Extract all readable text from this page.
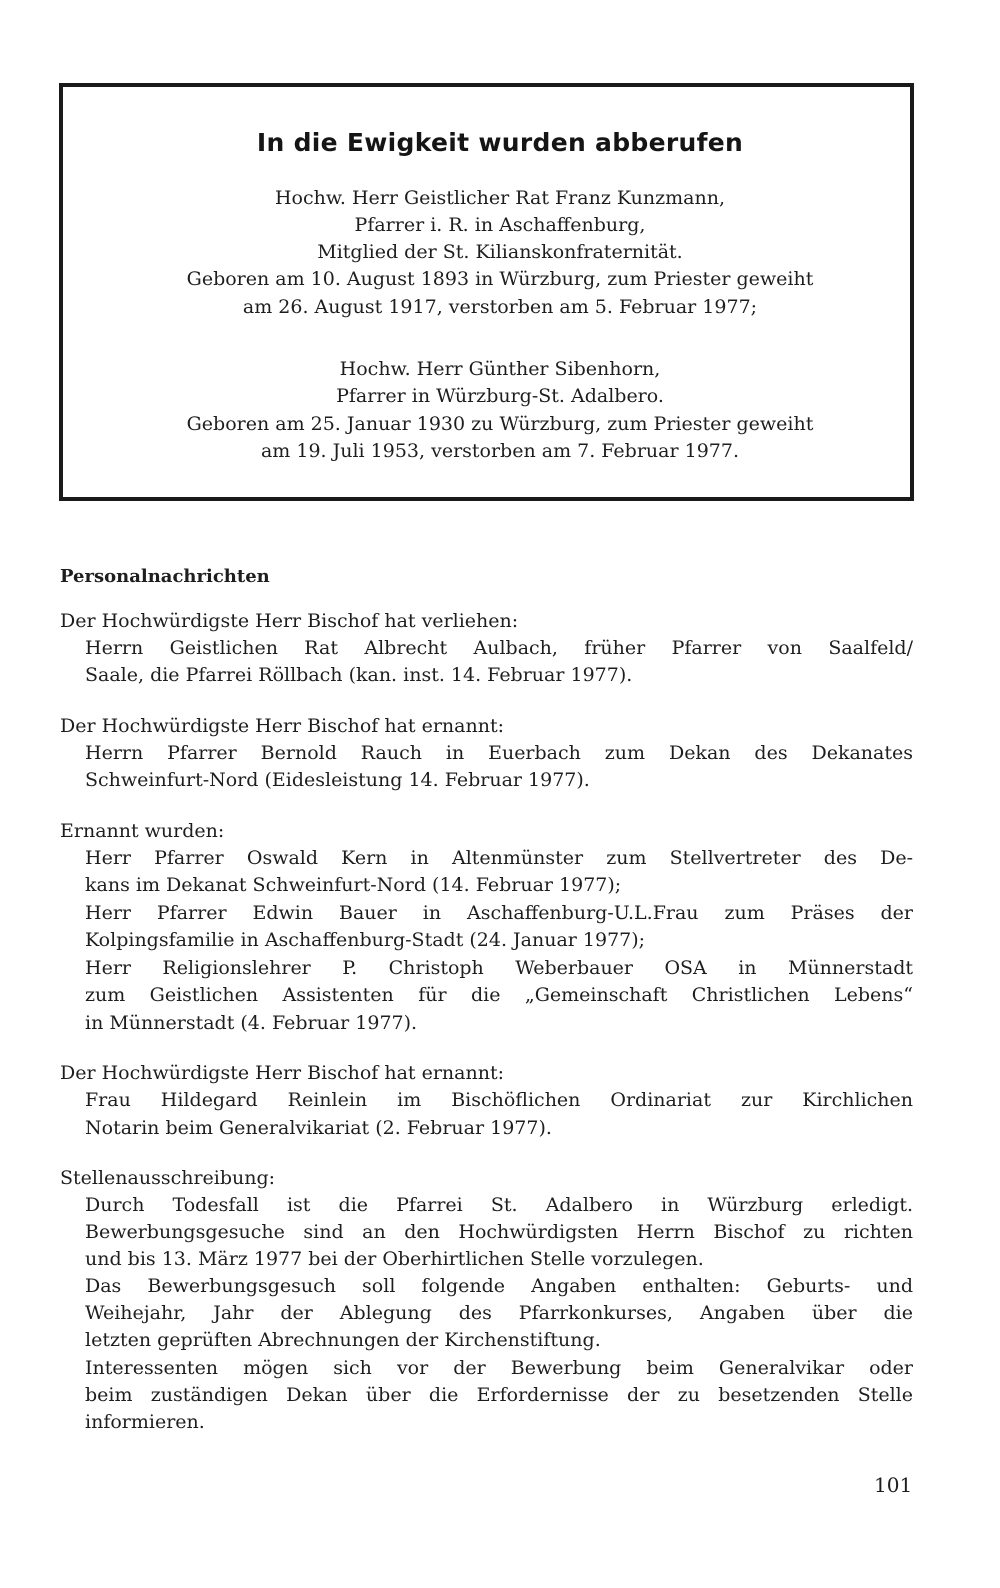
In die Ewigkeit wurden abberufen
Hochw. Herr Geistlicher Rat Franz Kunzmann,
Pfarrer i. R. in Aschaffenburg,
Mitglied der St. Kilianskonfraternität.
Geboren am 10. August 1893 in Würzburg, zum Priester geweiht
am 26. August 1917, verstorben am 5. Februar 1977;
Hochw. Herr Günther Sibenhorn,
Pfarrer in Würzburg-St. Adalbero.
Geboren am 25. Januar 1930 zu Würzburg, zum Priester geweiht
am 19. Juli 1953, verstorben am 7. Februar 1977.
Personalnachrichten
Der Hochwürdigste Herr Bischof hat verliehen:
Herrn Geistlichen Rat Albrecht Aulbach, früher Pfarrer von Saalfeld/
Saale, die Pfarrei Röllbach (kan. inst. 14. Februar 1977).
Der Hochwürdigste Herr Bischof hat ernannt:
Herrn Pfarrer Bernold Rauch in Euerbach zum Dekan des Dekanates
Schweinfurt-Nord (Eidesleistung 14. Februar 1977).
Ernannt wurden:
Herr Pfarrer Oswald Kern in Altenmünster zum Stellvertreter des De-
kans im Dekanat Schweinfurt-Nord (14. Februar 1977);
Herr Pfarrer Edwin Bauer in Aschaffenburg-U.L.Frau zum Präses der
Kolpingsfamilie in Aschaffenburg-Stadt (24. Januar 1977);
Herr Religionslehrer P. Christoph Weberbauer OSA in Münnerstadt
zum Geistlichen Assistenten für die „Gemeinschaft Christlichen Lebens“
in Münnerstadt (4. Februar 1977).
Der Hochwürdigste Herr Bischof hat ernannt:
Frau Hildegard Reinlein im Bischöflichen Ordinariat zur Kirchlichen
Notarin beim Generalvikariat (2. Februar 1977).
Stellenausschreibung:
Durch Todesfall ist die Pfarrei St. Adalbero in Würzburg erledigt.
Bewerbungsgesuche sind an den Hochwürdigsten Herrn Bischof zu richten
und bis 13. März 1977 bei der Oberhirtlichen Stelle vorzulegen.
Das Bewerbungsgesuch soll folgende Angaben enthalten: Geburts- und
Weihejahr, Jahr der Ablegung des Pfarrkonkurses, Angaben über die
letzten geprüften Abrechnungen der Kirchenstiftung.
Interessenten mögen sich vor der Bewerbung beim Generalvikar oder
beim zuständigen Dekan über die Erfordernisse der zu besetzenden Stelle
informieren.
101
